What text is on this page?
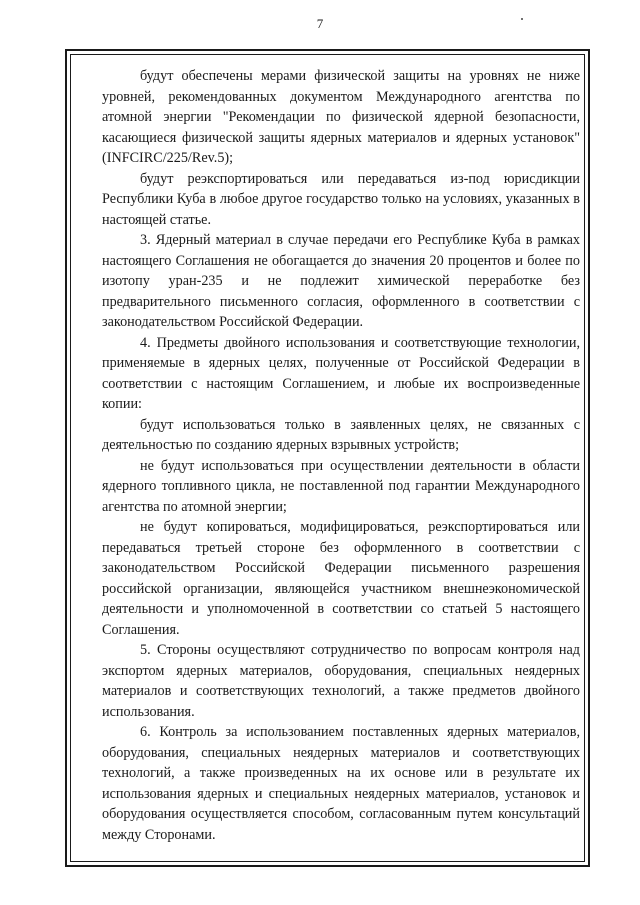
7

будут обеспечены мерами физической защиты на уровнях не ниже уровней, рекомендованных документом Международного агентства по атомной энергии "Рекомендации по физической ядерной безопасности, касающиеся физической защиты ядерных материалов и ядерных установок" (INFCIRC/225/Rev.5);

будут реэкспортироваться или передаваться из-под юрисдикции Республики Куба в любое другое государство только на условиях, указанных в настоящей статье.

3. Ядерный материал в случае передачи его Республике Куба в рамках настоящего Соглашения не обогащается до значения 20 процентов и более по изотопу уран-235 и не подлежит химической переработке без предварительного письменного согласия, оформленного в соответствии с законодательством Российской Федерации.

4. Предметы двойного использования и соответствующие технологии, применяемые в ядерных целях, полученные от Российской Федерации в соответствии с настоящим Соглашением, и любые их воспроизведенные копии:

будут использоваться только в заявленных целях, не связанных с деятельностью по созданию ядерных взрывных устройств;

не будут использоваться при осуществлении деятельности в области ядерного топливного цикла, не поставленной под гарантии Международного агентства по атомной энергии;

не будут копироваться, модифицироваться, реэкспортироваться или передаваться третьей стороне без оформленного в соответствии с законодательством Российской Федерации письменного разрешения российской организации, являющейся участником внешнеэкономической деятельности и уполномоченной в соответствии со статьей 5 настоящего Соглашения.

5. Стороны осуществляют сотрудничество по вопросам контроля над экспортом ядерных материалов, оборудования, специальных неядерных материалов и соответствующих технологий, а также предметов двойного использования.

6. Контроль за использованием поставленных ядерных материалов, оборудования, специальных неядерных материалов и соответствующих технологий, а также произведенных на их основе или в результате их использования ядерных и специальных неядерных материалов, установок и оборудования осуществляется способом, согласованным путем консультаций между Сторонами.
